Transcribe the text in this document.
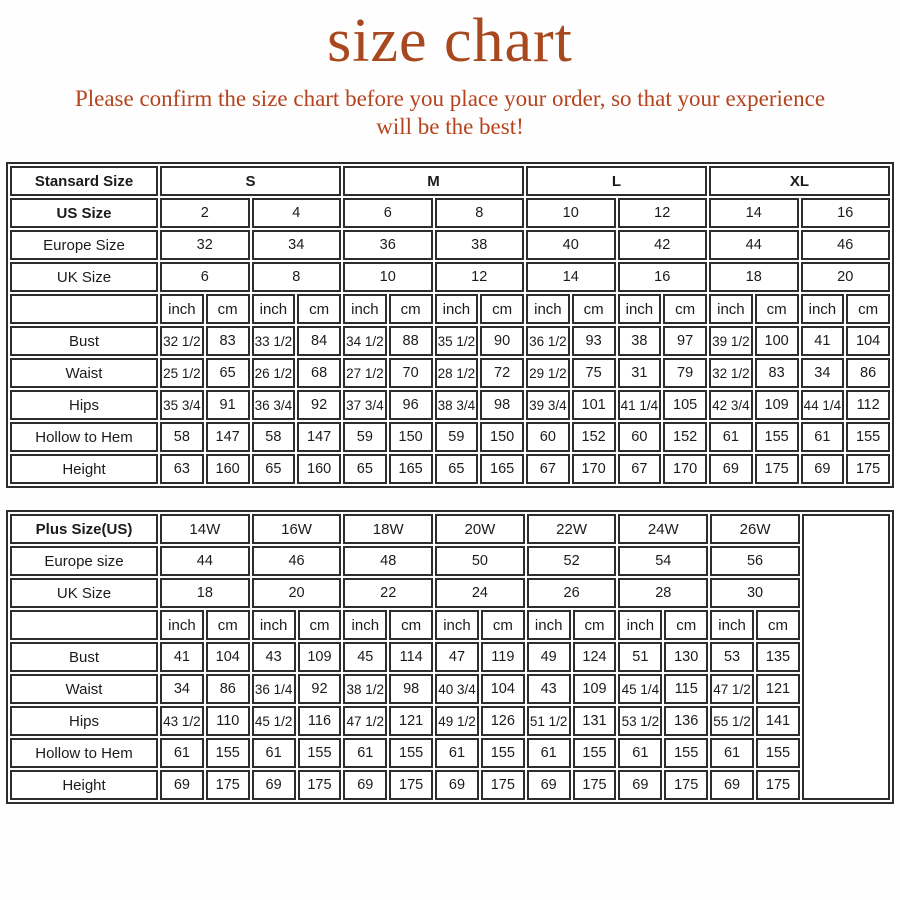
size chart
Please confirm the size chart before you place your order, so that your experience
will be the best!
Stansard Size	S				M				L				XL			
US Size	2		4		6		8		10		12		14		16	
Europe Size	32		34		36		38		40		42		44		46	
UK Size	6		8		10		12		14		16		18		20	
	inch	cm	inch	cm	inch	cm	inch	cm	inch	cm	inch	cm	inch	cm	inch	cm
Bust	32 1/2	83	33 1/2	84	34 1/2	88	35 1/2	90	36 1/2	93	38	97	39 1/2	100	41	104
Waist	25 1/2	65	26 1/2	68	27 1/2	70	28 1/2	72	29 1/2	75	31	79	32 1/2	83	34	86
Hips	35 3/4	91	36 3/4	92	37 3/4	96	38 3/4	98	39 3/4	101	41 1/4	105	42 3/4	109	44 1/4	112
Hollow to Hem	58	147	58	147	59	150	59	150	60	152	60	152	61	155	61	155
Height	63	160	65	160	65	165	65	165	67	170	67	170	69	175	69	175
Plus Size(US)	14W		16W		18W		20W		22W		24W		26W		
Europe size	44		46		48		50		52		54		56		
UK Size	18		20		22		24		26		28		30		
	inch	cm	inch	cm	inch	cm	inch	cm	inch	cm	inch	cm	inch	cm	
Bust	41	104	43	109	45	114	47	119	49	124	51	130	53	135	
Waist	34	86	36 1/4	92	38 1/2	98	40 3/4	104	43	109	45 1/4	115	47 1/2	121	
Hips	43 1/2	110	45 1/2	116	47 1/2	121	49 1/2	126	51 1/2	131	53 1/2	136	55 1/2	141	
Hollow to Hem	61	155	61	155	61	155	61	155	61	155	61	155	61	155	
Height	69	175	69	175	69	175	69	175	69	175	69	175	69	175	
